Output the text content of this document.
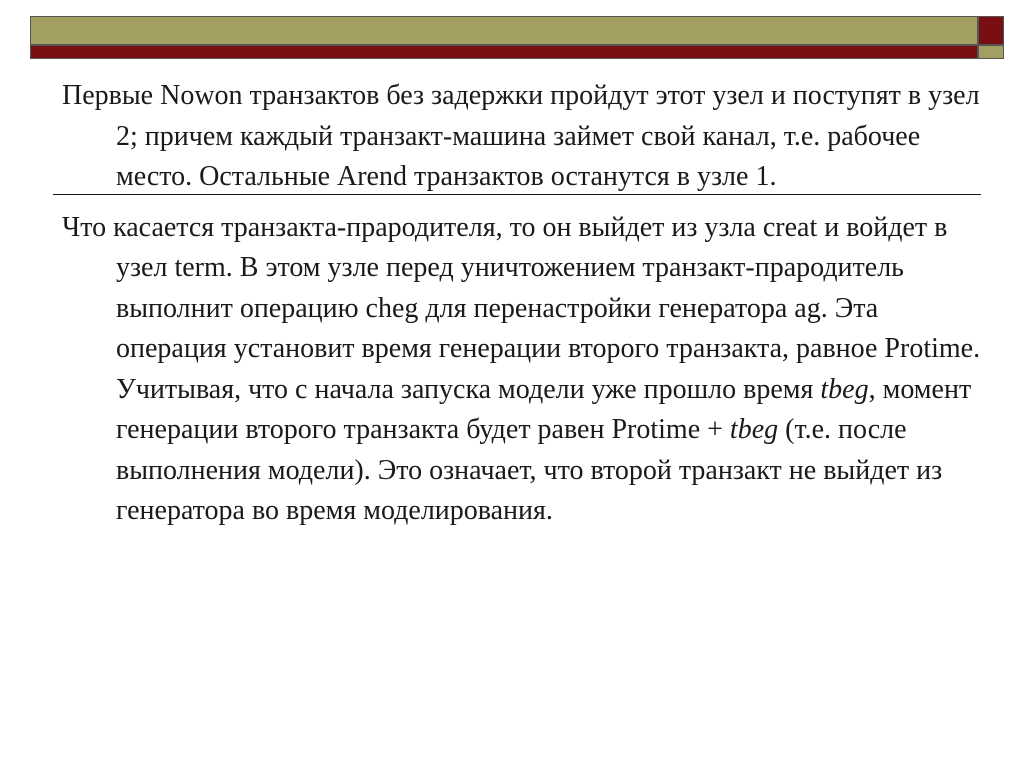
Первые Nowon транзактов без задержки пройдут этот узел и поступят в узел 2; причем каждый транзакт-машина займет свой канал, т.е. рабочее место. Остальные Arend транзактов останутся в узле 1.

Что касается транзакта-прародителя, то он выйдет из узла creat и войдет в узел term. В этом узле перед уничтожением транзакт-прародитель выполнит операцию cheg для перенастройки генератора ag. Эта операция установит время генерации второго транзакта, равное Protime. Учитывая, что с начала запуска модели уже прошло время tbeg, момент генерации второго транзакта будет равен Protime + tbeg (т.е. после выполнения модели). Это означает, что второй транзакт не выйдет из генератора во время моделирования.
